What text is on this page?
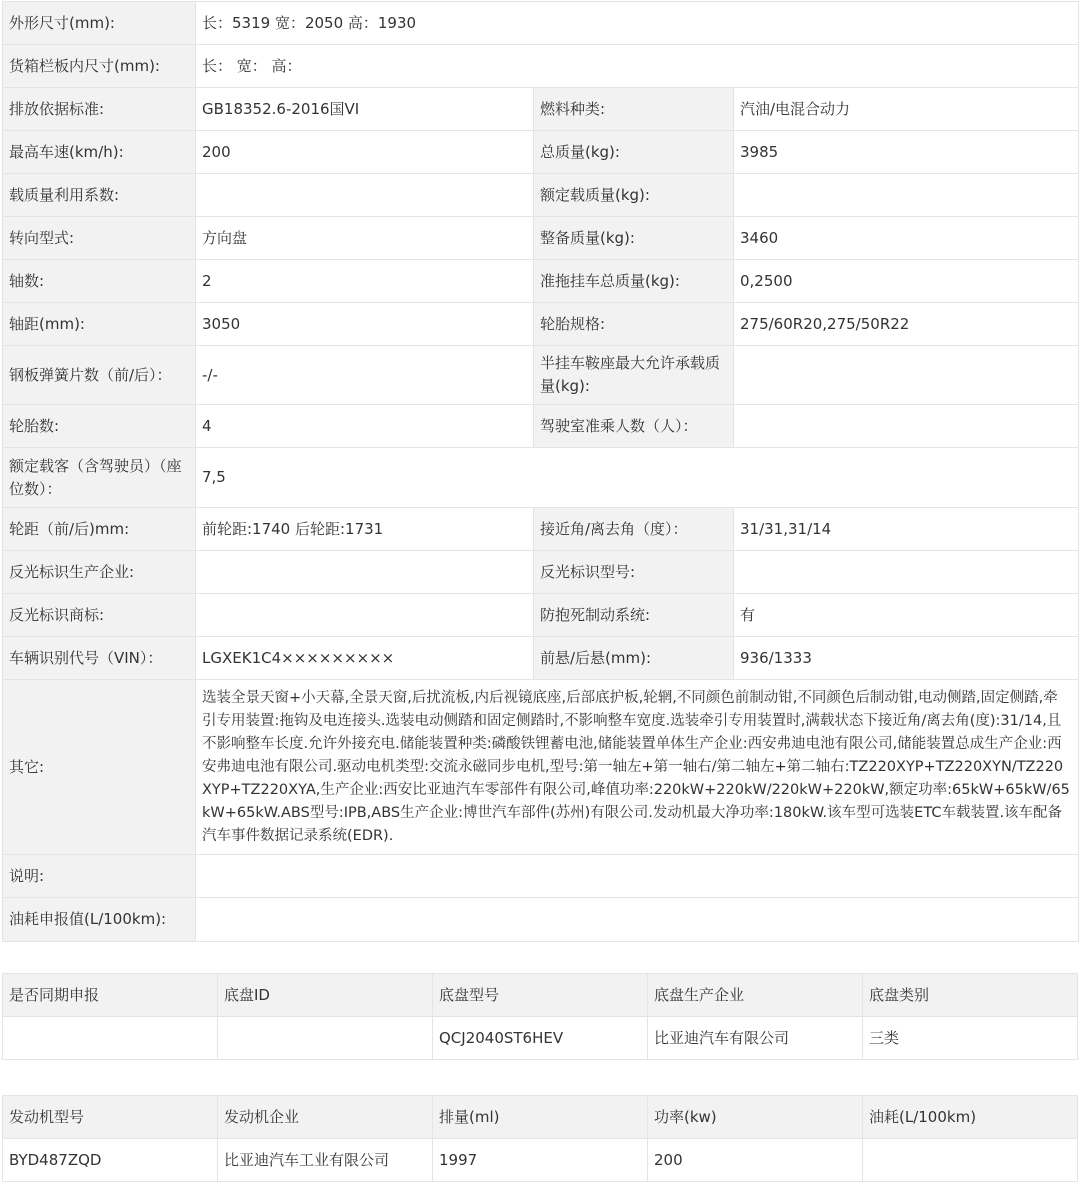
外形尺寸(mm):	长：5319 宽：2050 高：1930		
货箱栏板内尺寸(mm):	长： 宽： 高：		
排放依据标准:	GB18352.6-2016国VI	燃料种类:	汽油/电混合动力
最高车速(km/h):	200	总质量(kg):	3985
载质量利用系数:		额定载质量(kg):	
转向型式:	方向盘	整备质量(kg):	3460
轴数:	2	准拖挂车总质量(kg):	0,2500
轴距(mm):	3050	轮胎规格:	275/60R20,275/50R22
钢板弹簧片数（前/后）：	-/-	半挂车鞍座最大允许承载质量(kg):	
轮胎数:	4	驾驶室准乘人数（人）：	
额定载客（含驾驶员）（座位数）：	7,5		
轮距（前/后)mm:	前轮距:1740 后轮距:1731	接近角/离去角（度）：	31/31,31/14
反光标识生产企业:		反光标识型号:	
反光标识商标:		防抱死制动系统:	有
车辆识别代号（VIN）：	LGXEK1C4×××××××××	前悬/后悬(mm):	936/1333
其它:	选装全景天窗+小天幕,全景天窗,后扰流板,内后视镜底座,后部底护板,轮辋,不同颜色前制动钳,不同颜色后制动钳,电动侧踏,固定侧踏,牵引专用装置:拖钩及电连接头.选装电动侧踏和固定侧踏时,不影响整车宽度.选装牵引专用装置时,满载状态下接近角/离去角(度):31/14,且不影响整车长度.允许外接充电.储能装置种类:磷酸铁锂蓄电池,储能装置单体生产企业:西安弗迪电池有限公司,储能装置总成生产企业:西安弗迪电池有限公司.驱动电机类型:交流永磁同步电机,型号:第一轴左+第一轴右/第二轴左+第二轴右:TZ220XYP+TZ220XYN/TZ220XYP+TZ220XYA,生产企业:西安比亚迪汽车零部件有限公司,峰值功率:220kW+220kW/220kW+220kW,额定功率:65kW+65kW/65kW+65kW.ABS型号:IPB,ABS生产企业:博世汽车部件(苏州)有限公司.发动机最大净功率:180kW.该车型可选装ETC车载装置.该车配备汽车事件数据记录系统(EDR).		
说明:			
油耗申报值(L/100km):			
是否同期申报	底盘ID	底盘型号	底盘生产企业	底盘类别
		QCJ2040ST6HEV	比亚迪汽车有限公司	三类
发动机型号	发动机企业	排量(ml)	功率(kw)	油耗(L/100km)
BYD487ZQD	比亚迪汽车工业有限公司	1997	200	
